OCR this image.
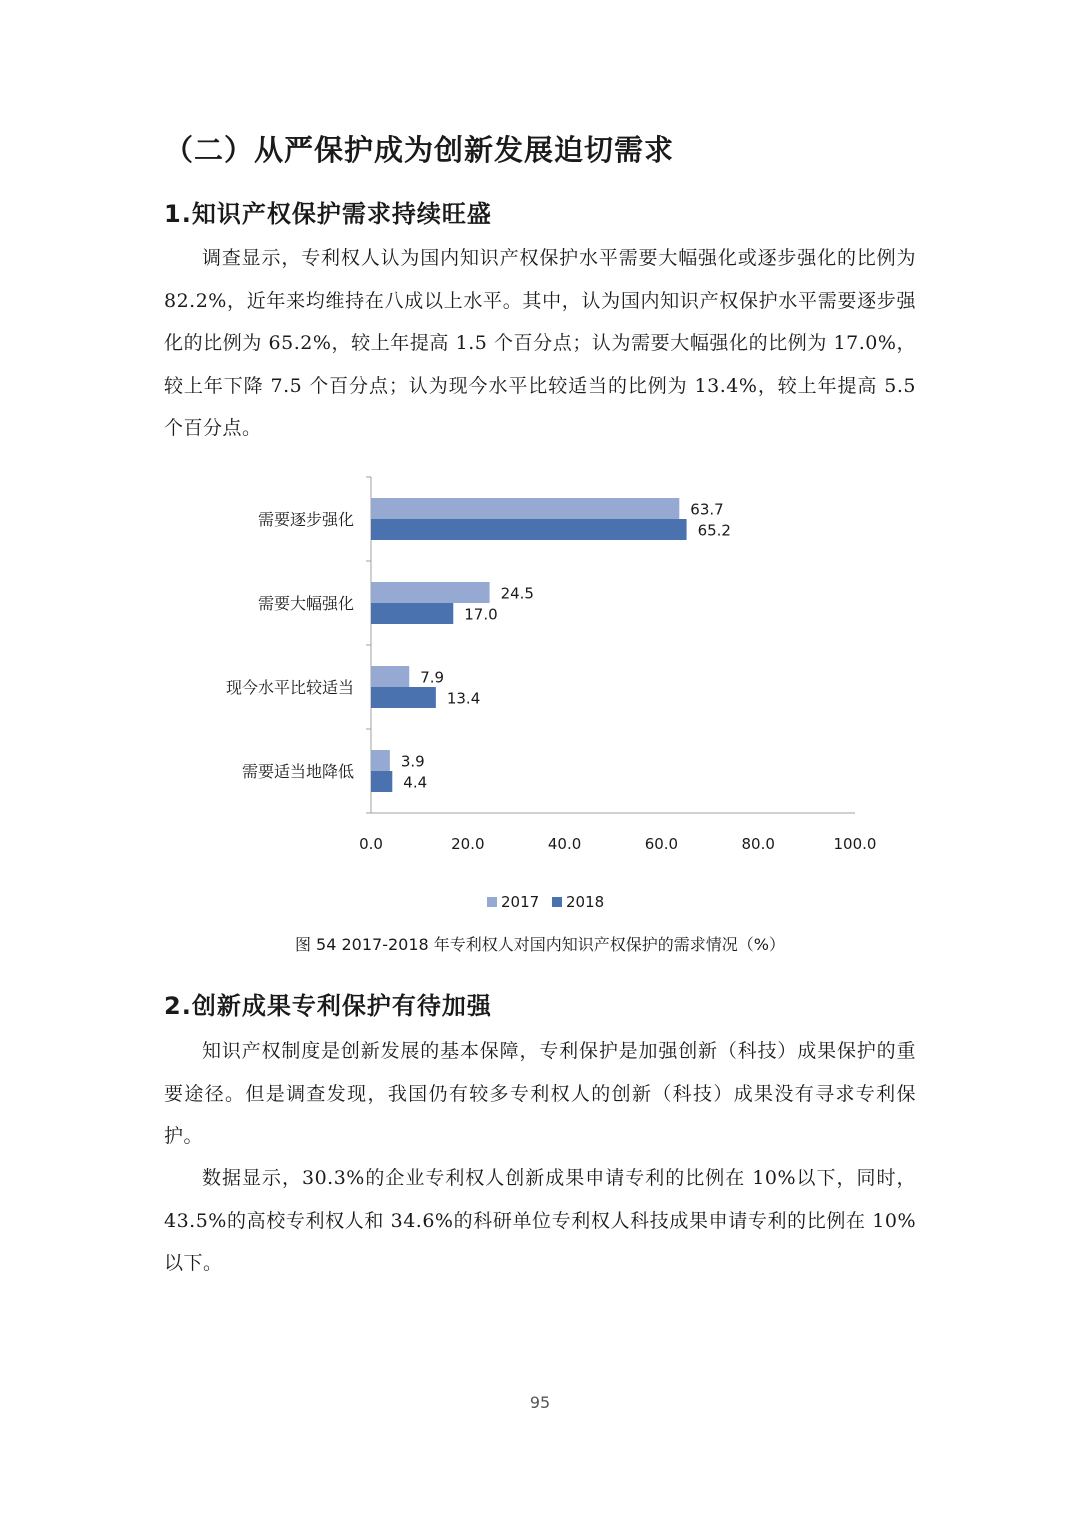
（二）从严保护成为创新发展迫切需求
1.知识产权保护需求持续旺盛
调查显示，专利权人认为国内知识产权保护水平需要大幅强化或逐步强化的比例为 82.2%，近年来均维持在八成以上水平。其中，认为国内知识产权保护水平需要逐步强化的比例为 65.2%，较上年提高 1.5 个百分点；认为需要大幅强化的比例为 17.0%，较上年下降 7.5 个百分点；认为现今水平比较适当的比例为 13.4%，较上年提高 5.5 个百分点。
需要逐步强化
63.7
65.2
需要大幅强化
24.5
17.0
现今水平比较适当
7.9
13.4
需要适当地降低
3.9
4.4
0.0	20.0	40.0	60.0	80.0	100.0
2017 2018
图 54 2017-2018 年专利权人对国内知识产权保护的需求情况（%）
2.创新成果专利保护有待加强
知识产权制度是创新发展的基本保障，专利保护是加强创新（科技）成果保护的重要途径。但是调查发现，我国仍有较多专利权人的创新（科技）成果没有寻求专利保护。
数据显示，30.3%的企业专利权人创新成果申请专利的比例在 10%以下，同时，43.5%的高校专利权人和 34.6%的科研单位专利权人科技成果申请专利的比例在 10%以下。
95
